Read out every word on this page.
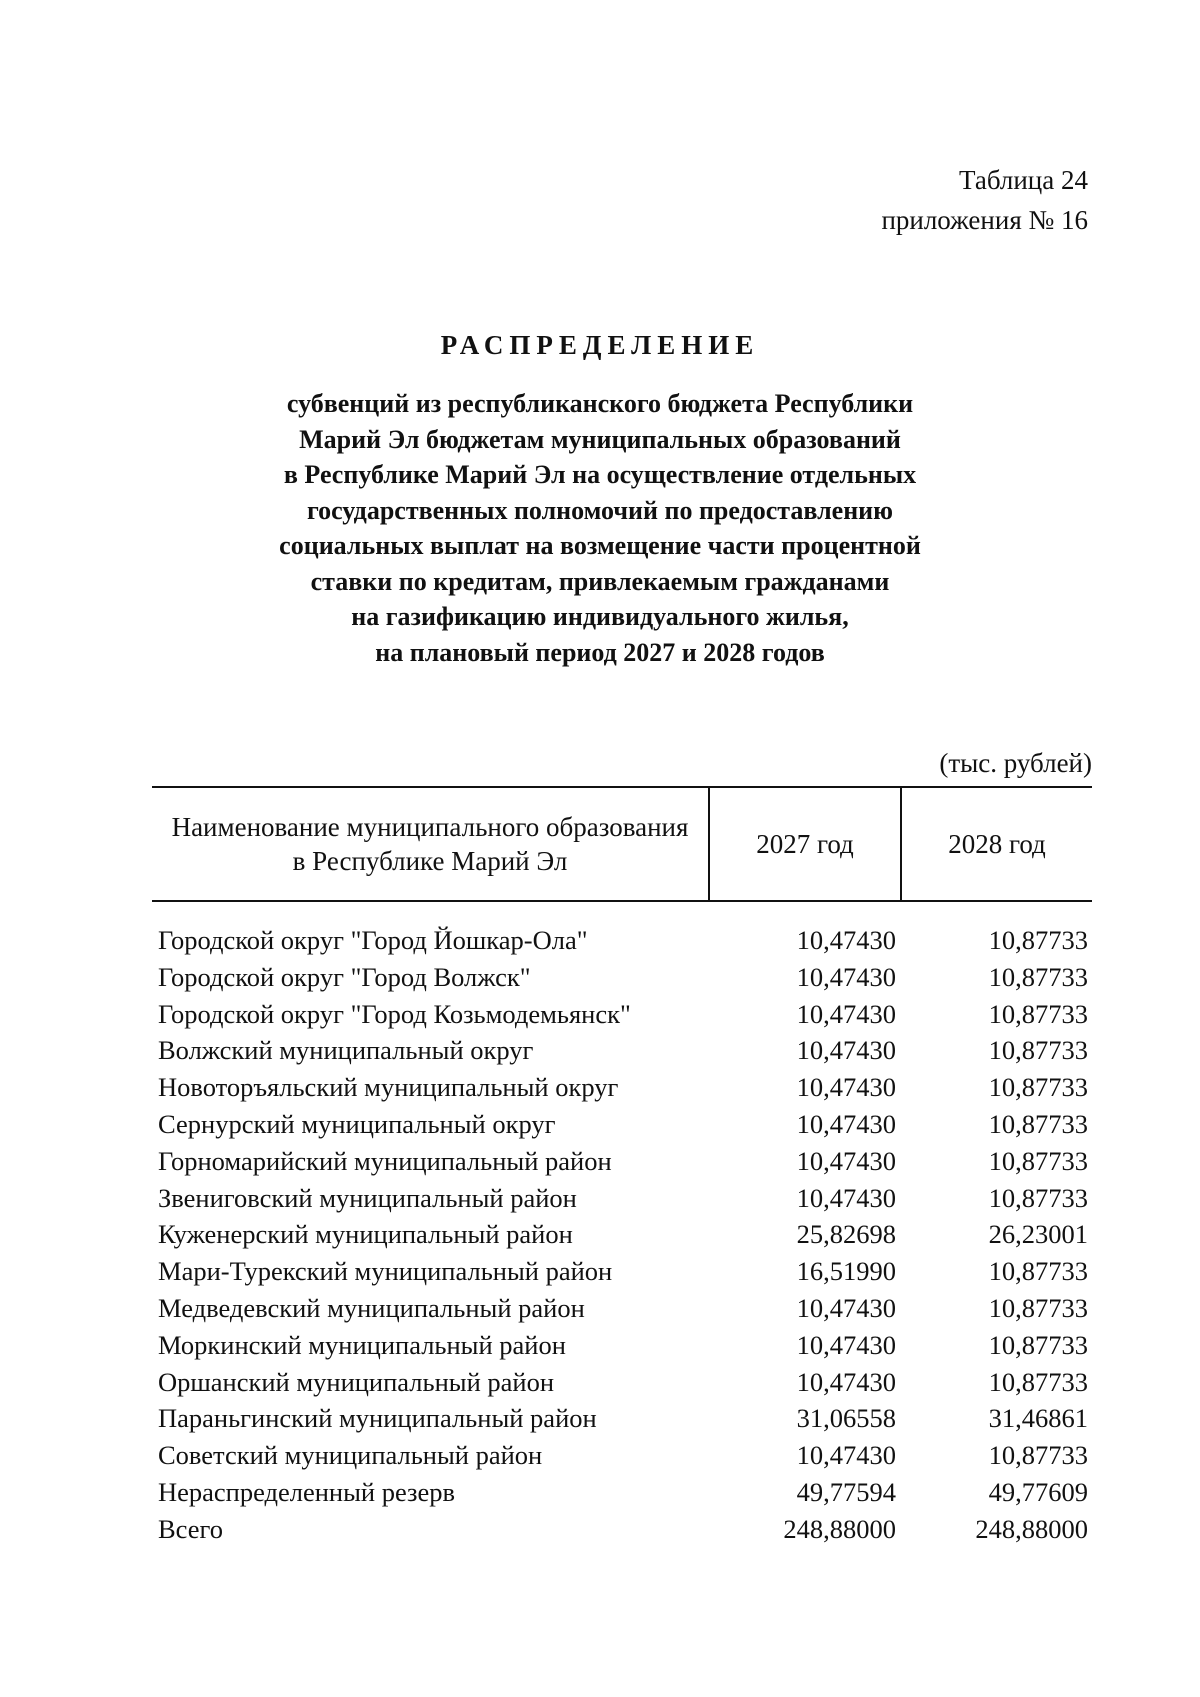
Таблица 24
приложения № 16
РАСПРЕДЕЛЕНИЕ
субвенций из республиканского бюджета Республики
Марий Эл бюджетам муниципальных образований
в Республике Марий Эл на осуществление отдельных
государственных полномочий по предоставлению
социальных выплат на возмещение части процентной
ставки по кредитам, привлекаемым гражданами
на газификацию индивидуального жилья,
на плановый период 2027 и 2028 годов
(тыс. рублей)
Наименование муниципального образования
в Республике Марий Эл
2027 год	2028 год
Городской округ "Город Йошкар-Ола"	10,47430	10,87733
Городской округ "Город Волжск"	10,47430	10,87733
Городской округ "Город Козьмодемьянск"	10,47430	10,87733
Волжский муниципальный округ	10,47430	10,87733
Новоторъяльский муниципальный округ	10,47430	10,87733
Сернурский муниципальный округ	10,47430	10,87733
Горномарийский муниципальный район	10,47430	10,87733
Звениговский муниципальный район	10,47430	10,87733
Куженерский муниципальный район	25,82698	26,23001
Мари-Турекский муниципальный район	16,51990	10,87733
Медведевский муниципальный район	10,47430	10,87733
Моркинский муниципальный район	10,47430	10,87733
Оршанский муниципальный район	10,47430	10,87733
Параньгинский муниципальный район	31,06558	31,46861
Советский муниципальный район	10,47430	10,87733
Нераспределенный резерв	49,77594	49,77609
Всего	248,88000	248,88000
